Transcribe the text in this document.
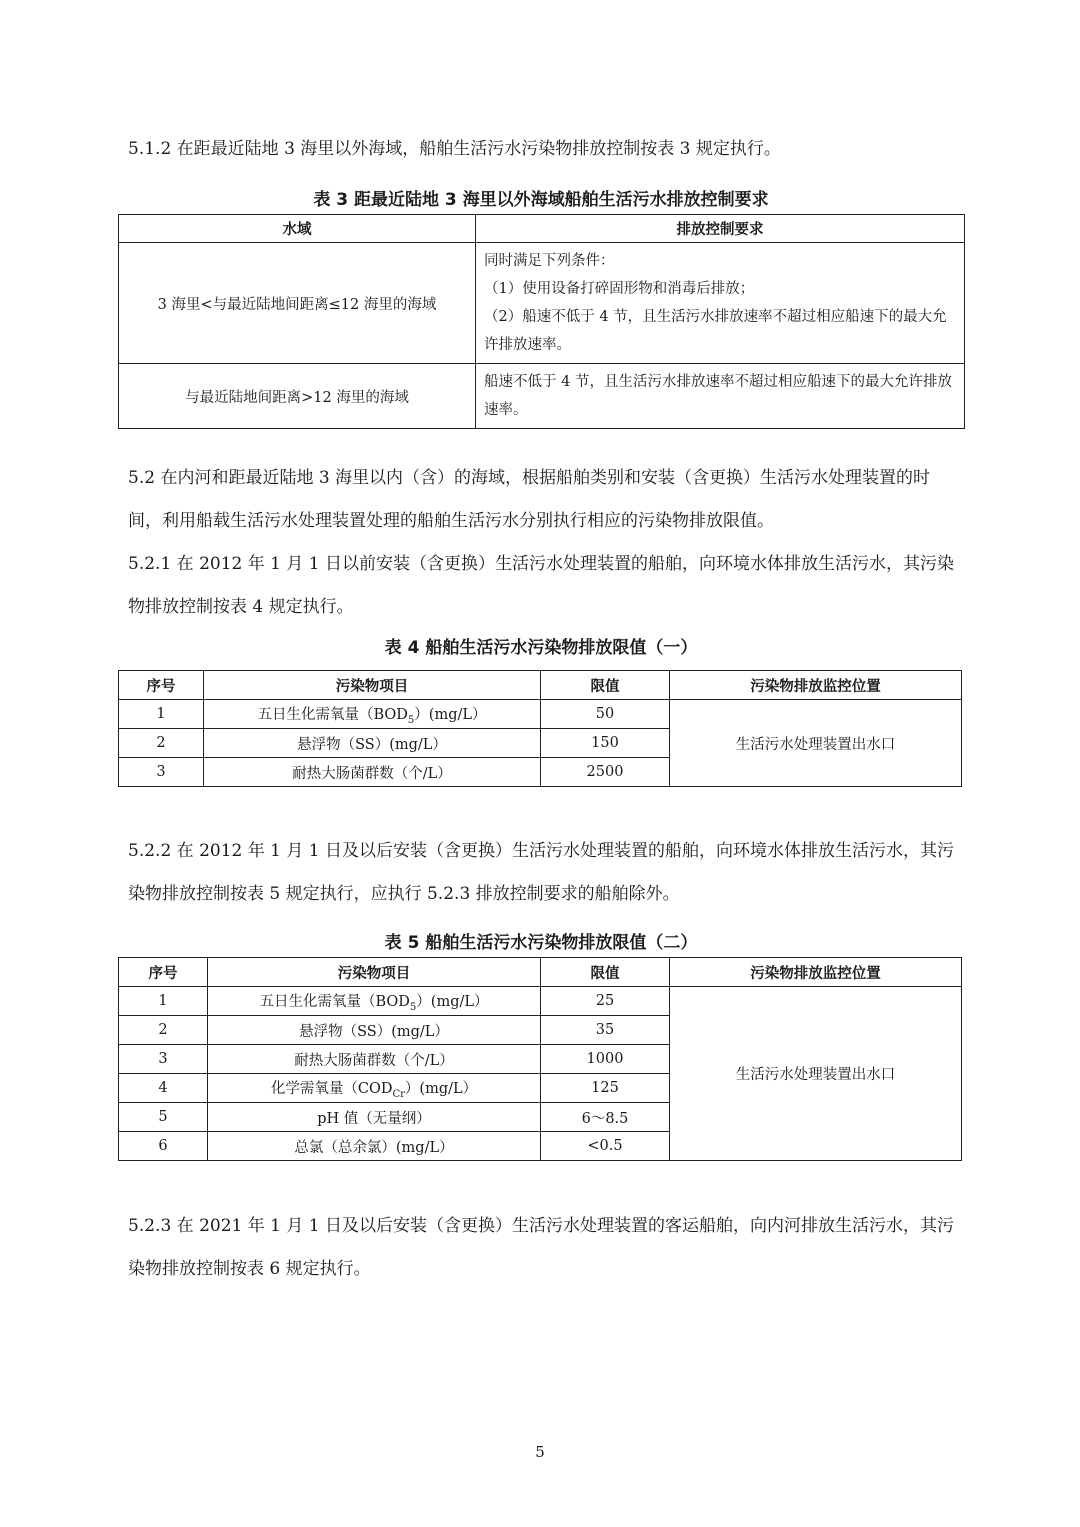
5.1.2 在距最近陆地 3 海里以外海域，船舶生活污水污染物排放控制按表 3 规定执行。

表 3 距最近陆地 3 海里以外海域船舶生活污水排放控制要求
水域	排放控制要求
3 海里<与最近陆地间距离≤12 海里的海域	同时满足下列条件：
（1）使用设备打碎固形物和消毒后排放；
（2）船速不低于 4 节，且生活污水排放速率不超过相应船速下的最大允许排放速率。

与最近陆地间距离>12 海里的海域	船速不低于 4 节，且生活污水排放速率不超过相应船速下的最大允许排放速率。

5.2 在内河和距最近陆地 3 海里以内（含）的海域，根据船舶类别和安装（含更换）生活污水处理装置的时间，利用船载生活污水处理装置处理的船舶生活污水分别执行相应的污染物排放限值。

5.2.1 在 2012 年 1 月 1 日以前安装（含更换）生活污水处理装置的船舶，向环境水体排放生活污水，其污染物排放控制按表 4 规定执行。

表 4 船舶生活污水污染物排放限值（一）
序号	污染物项目	限值	污染物排放监控位置
1	五日生化需氧量$(BOD_5)(mg/L)$	50	生活污水处理装置出水口
2	悬浮物（SS）(mg/L）	150	
3	耐热大肠菌群数（个/L）	2500	

5.2.2 在 2012 年 1 月 1 日及以后安装（含更换）生活污水处理装置的船舶，向环境水体排放生活污水，其污染物排放控制按表 5 规定执行，应执行 5.2.3 排放控制要求的船舶除外。

表 5 船舶生活污水污染物排放限值（二）
序号	污染物项目	限值	污染物排放监控位置
1	五日生化需氧量$(BOD_5)(mg/L)$	25	生活污水处理装置出水口
2	悬浮物（SS）(mg/L）	35	
3	耐热大肠菌群数（个/L）	1000	
4	化学需氧量$(COD_{Cr})(mg/L)$	125	
5	pH 值（无量纲）	6～8.5	
6	总氯（总余氯）(mg/L）	<0.5	

5.2.3 在 2021 年 1 月 1 日及以后安装（含更换）生活污水处理装置的客运船舶，向内河排放生活污水，其污染物排放控制按表 6 规定执行。

5
